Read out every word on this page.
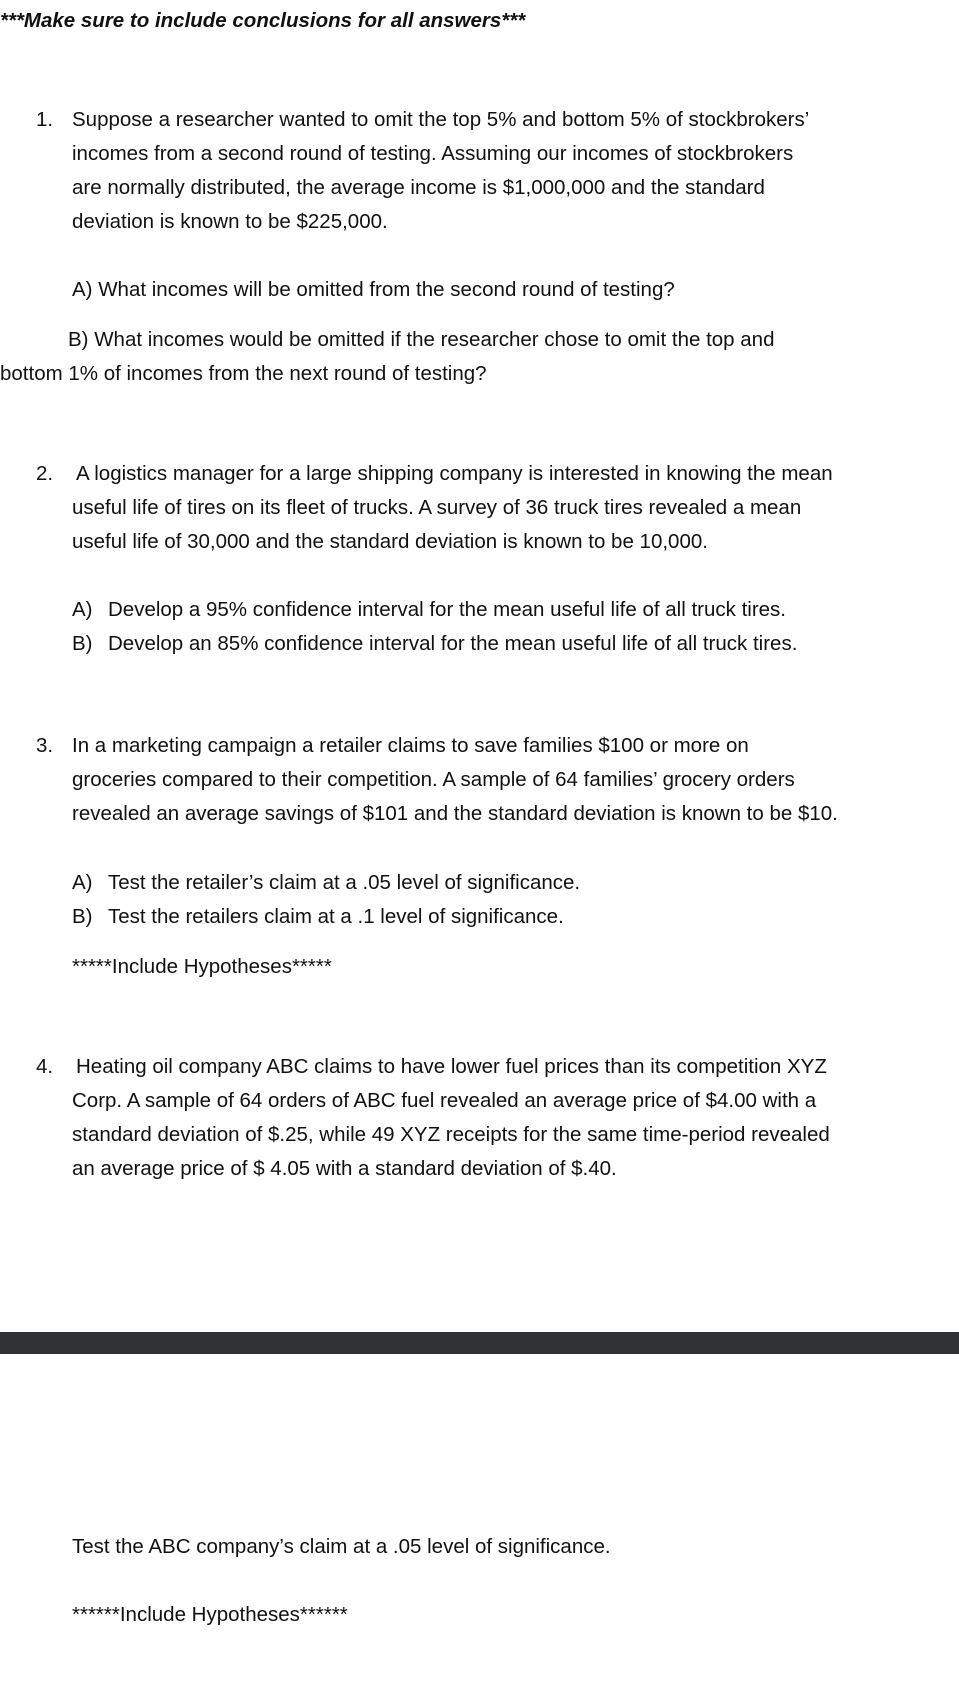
***Make sure to include conclusions for all answers***
1. Suppose a researcher wanted to omit the top 5% and bottom 5% of stockbrokers’
incomes from a second round of testing. Assuming our incomes of stockbrokers
are normally distributed, the average income is $1,000,000 and the standard
deviation is known to be $225,000.
A) What incomes will be omitted from the second round of testing?
B) What incomes would be omitted if the researcher chose to omit the top and
bottom 1% of incomes from the next round of testing?
2. A logistics manager for a large shipping company is interested in knowing the mean
useful life of tires on its fleet of trucks. A survey of 36 truck tires revealed a mean
useful life of 30,000 and the standard deviation is known to be 10,000.
A) Develop a 95% confidence interval for the mean useful life of all truck tires.
B) Develop an 85% confidence interval for the mean useful life of all truck tires.
3. In a marketing campaign a retailer claims to save families $100 or more on
groceries compared to their competition. A sample of 64 families’ grocery orders
revealed an average savings of $101 and the standard deviation is known to be $10.
A) Test the retailer’s claim at a .05 level of significance.
B) Test the retailers claim at a .1 level of significance.
*****Include Hypotheses*****
4. Heating oil company ABC claims to have lower fuel prices than its competition XYZ
Corp. A sample of 64 orders of ABC fuel revealed an average price of $4.00 with a
standard deviation of $.25, while 49 XYZ receipts for the same time-period revealed
an average price of $ 4.05 with a standard deviation of $.40.
Test the ABC company’s claim at a .05 level of significance.
******Include Hypotheses******
